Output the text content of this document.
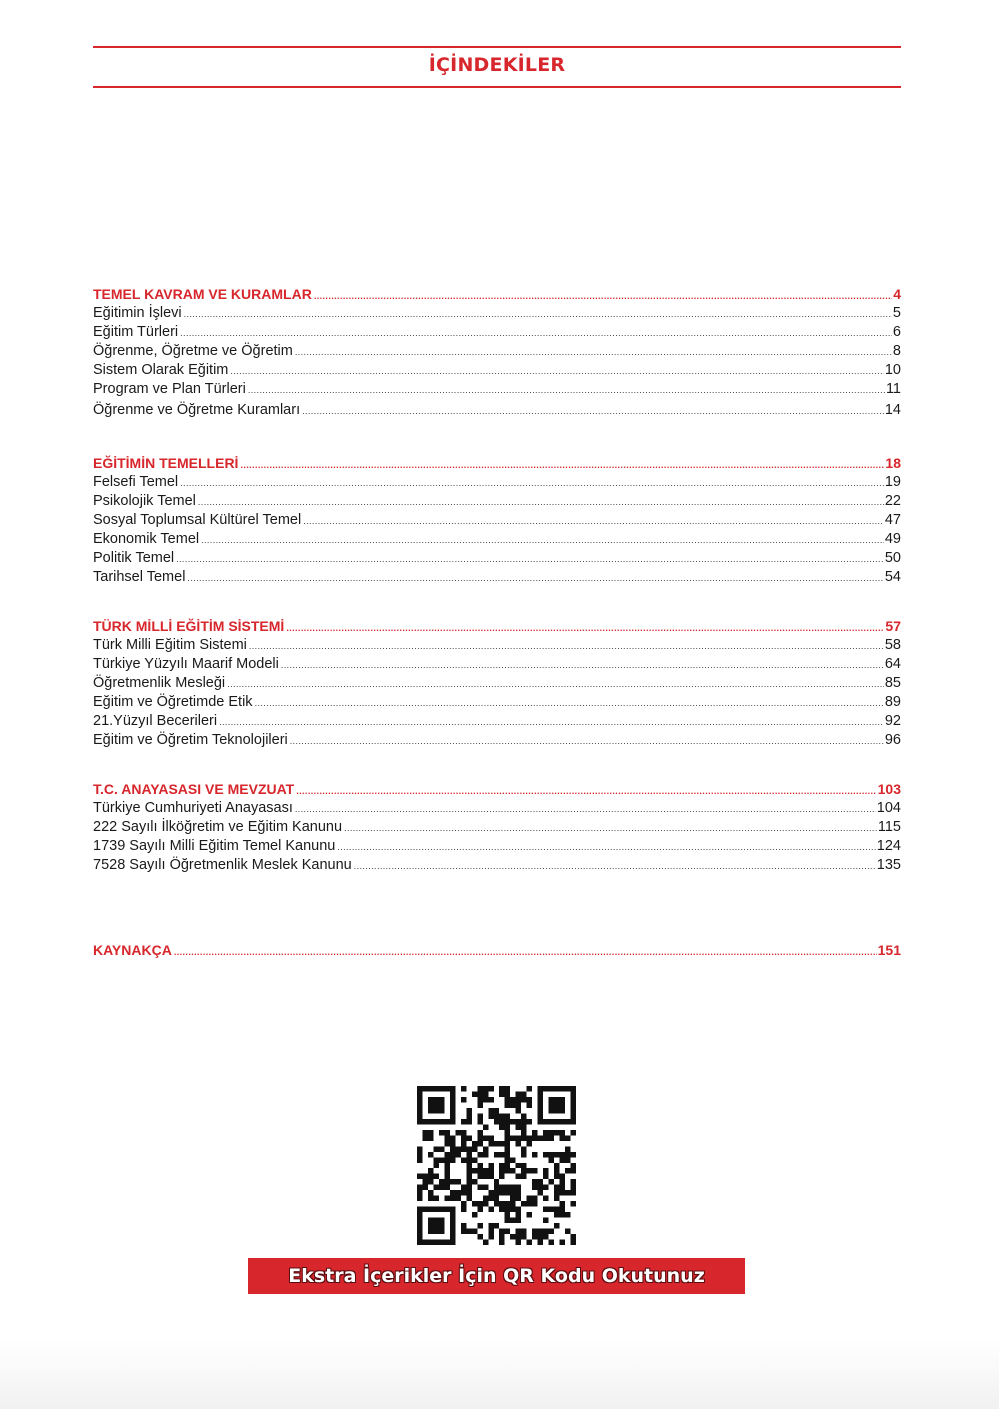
İÇİNDEKİLER
TEMEL KAVRAM VE KURAMLAR .....	4
Eğitimin İşlevi .....	5
Eğitim Türleri .....	6
Öğrenme, Öğretme ve Öğretim .....	8
Sistem Olarak Eğitim .....	10
Program ve Plan Türleri .....	11
Öğrenme ve Öğretme Kuramları .....	14
EĞİTİMİN TEMELLERİ .....	18
Felsefi Temel .....	19
Psikolojik Temel .....	22
Sosyal Toplumsal Kültürel Temel .....	47
Ekonomik Temel .....	49
Politik Temel .....	50
Tarihsel Temel .....	54
TÜRK MİLLİ EĞİTİM SİSTEMİ .....	57
Türk Milli Eğitim Sistemi .....	58
Türkiye Yüzyılı Maarif Modeli .....	64
Öğretmenlik Mesleği .....	85
Eğitim ve Öğretimde Etik .....	89
21.Yüzyıl Becerileri .....	92
Eğitim ve Öğretim Teknolojileri .....	96
T.C. ANAYASASI VE MEVZUAT .....	103
Türkiye Cumhuriyeti Anayasası .....	104
222 Sayılı İlköğretim ve Eğitim Kanunu .....	115
1739 Sayılı Milli Eğitim Temel Kanunu .....	124
7528 Sayılı Öğretmenlik Meslek Kanunu .....	135
KAYNAKÇA .....	151
Ekstra İçerikler İçin QR Kodu Okutunuz
